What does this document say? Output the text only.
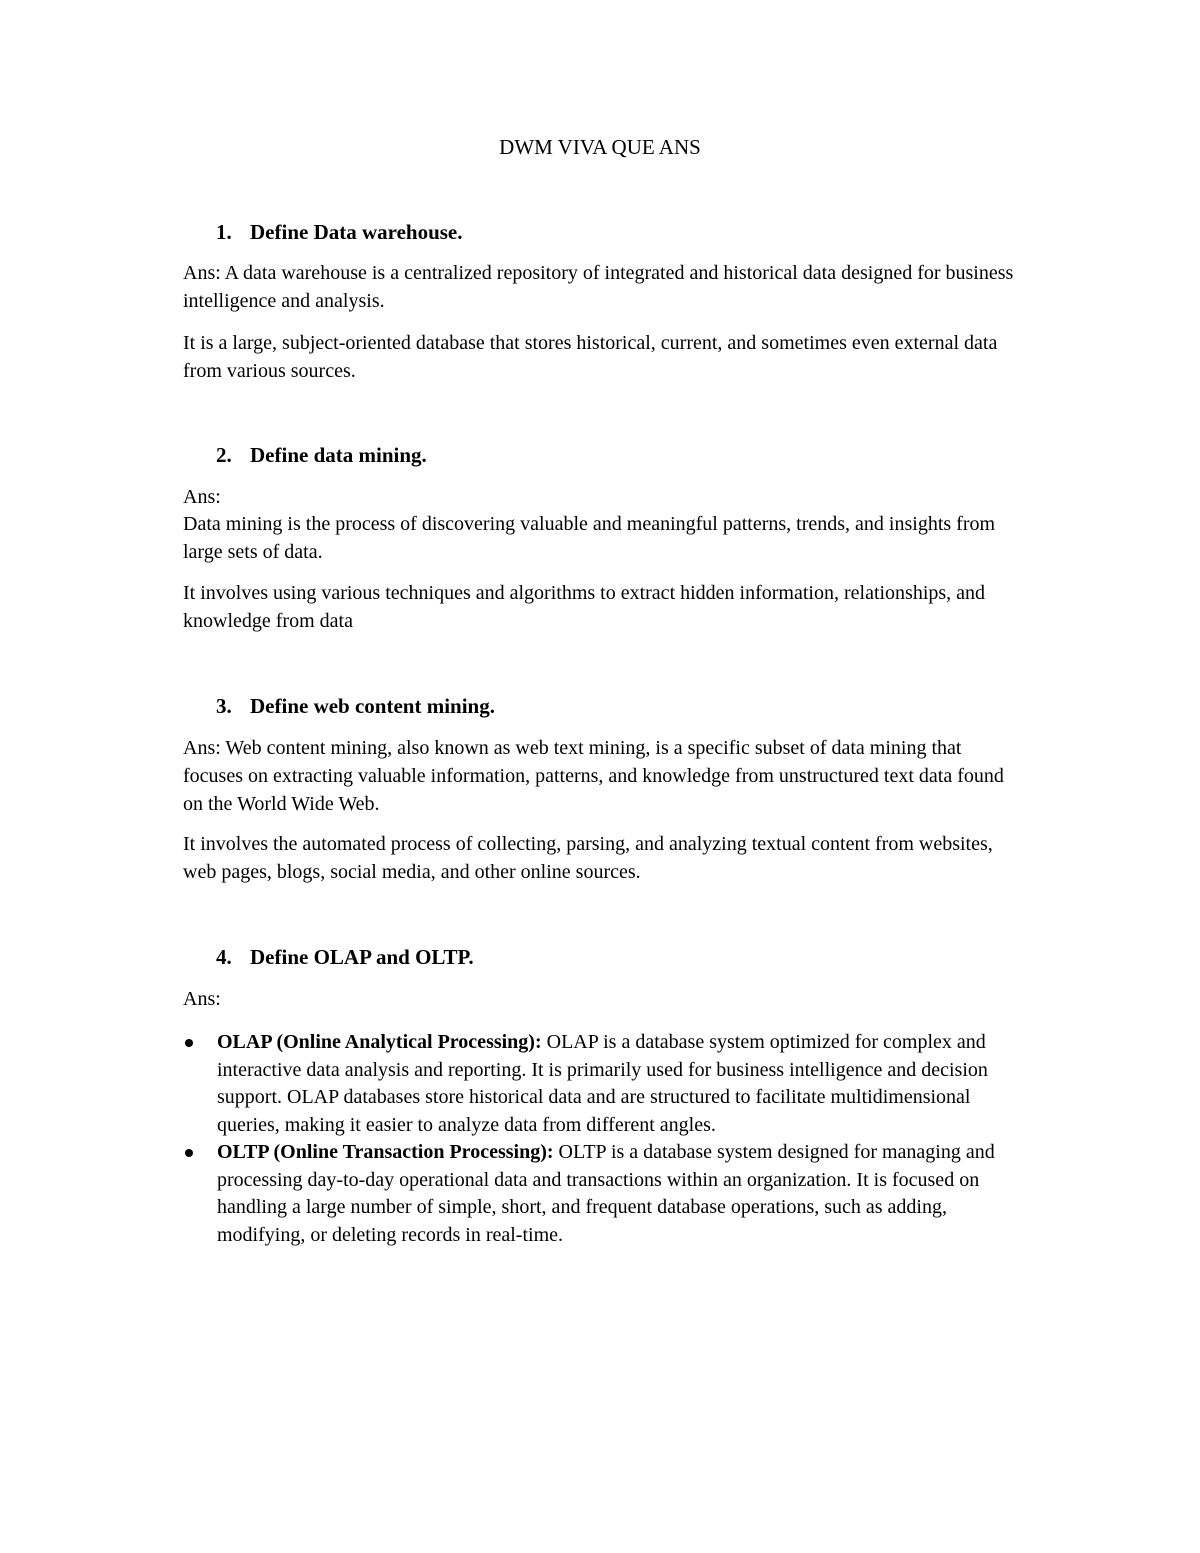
DWM VIVA QUE ANS
1. Define Data warehouse.
Ans: A data warehouse is a centralized repository of integrated and historical data designed for business intelligence and analysis.
It is a large, subject-oriented database that stores historical, current, and sometimes even external data from various sources.
2. Define data mining.
Ans:
Data mining is the process of discovering valuable and meaningful patterns, trends, and insights from large sets of data.
It involves using various techniques and algorithms to extract hidden information, relationships, and knowledge from data
3. Define web content mining.
Ans: Web content mining, also known as web text mining, is a specific subset of data mining that focuses on extracting valuable information, patterns, and knowledge from unstructured text data found on the World Wide Web.
It involves the automated process of collecting, parsing, and analyzing textual content from websites, web pages, blogs, social media, and other online sources.
4. Define OLAP and OLTP.
Ans:
OLAP (Online Analytical Processing): OLAP is a database system optimized for complex and interactive data analysis and reporting. It is primarily used for business intelligence and decision support. OLAP databases store historical data and are structured to facilitate multidimensional queries, making it easier to analyze data from different angles.
OLTP (Online Transaction Processing): OLTP is a database system designed for managing and processing day-to-day operational data and transactions within an organization. It is focused on handling a large number of simple, short, and frequent database operations, such as adding, modifying, or deleting records in real-time.
